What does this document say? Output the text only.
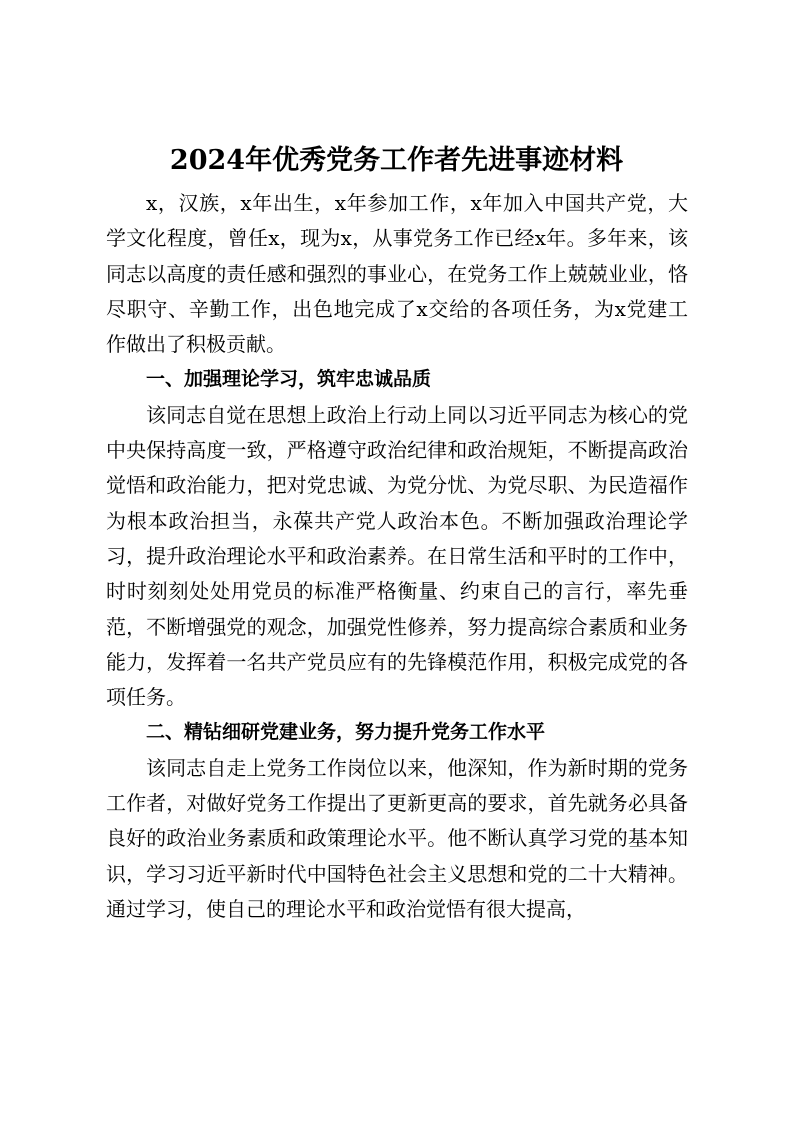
2024年优秀党务工作者先进事迹材料

x，汉族，x年出生，x年参加工作，x年加入中国共产党，大学文化程度，曾任x，现为x，从事党务工作已经x年。多年来，该同志以高度的责任感和强烈的事业心，在党务工作上兢兢业业，恪尽职守、辛勤工作，出色地完成了x交给的各项任务，为x党建工作做出了积极贡献。

一、加强理论学习，筑牢忠诚品质

该同志自觉在思想上政治上行动上同以习近平同志为核心的党中央保持高度一致，严格遵守政治纪律和政治规矩，不断提高政治觉悟和政治能力，把对党忠诚、为党分忧、为党尽职、为民造福作为根本政治担当，永葆共产党人政治本色。不断加强政治理论学习，提升政治理论水平和政治素养。在日常生活和平时的工作中，时时刻刻处处用党员的标准严格衡量、约束自己的言行，率先垂范，不断增强党的观念，加强党性修养，努力提高综合素质和业务能力，发挥着一名共产党员应有的先锋模范作用，积极完成党的各项任务。

二、精钻细研党建业务，努力提升党务工作水平

该同志自走上党务工作岗位以来，他深知，作为新时期的党务工作者，对做好党务工作提出了更新更高的要求，首先就务必具备良好的政治业务素质和政策理论水平。他不断认真学习党的基本知识，学习习近平新时代中国特色社会主义思想和党的二十大精神。通过学习，使自己的理论水平和政治觉悟有很大提高，
